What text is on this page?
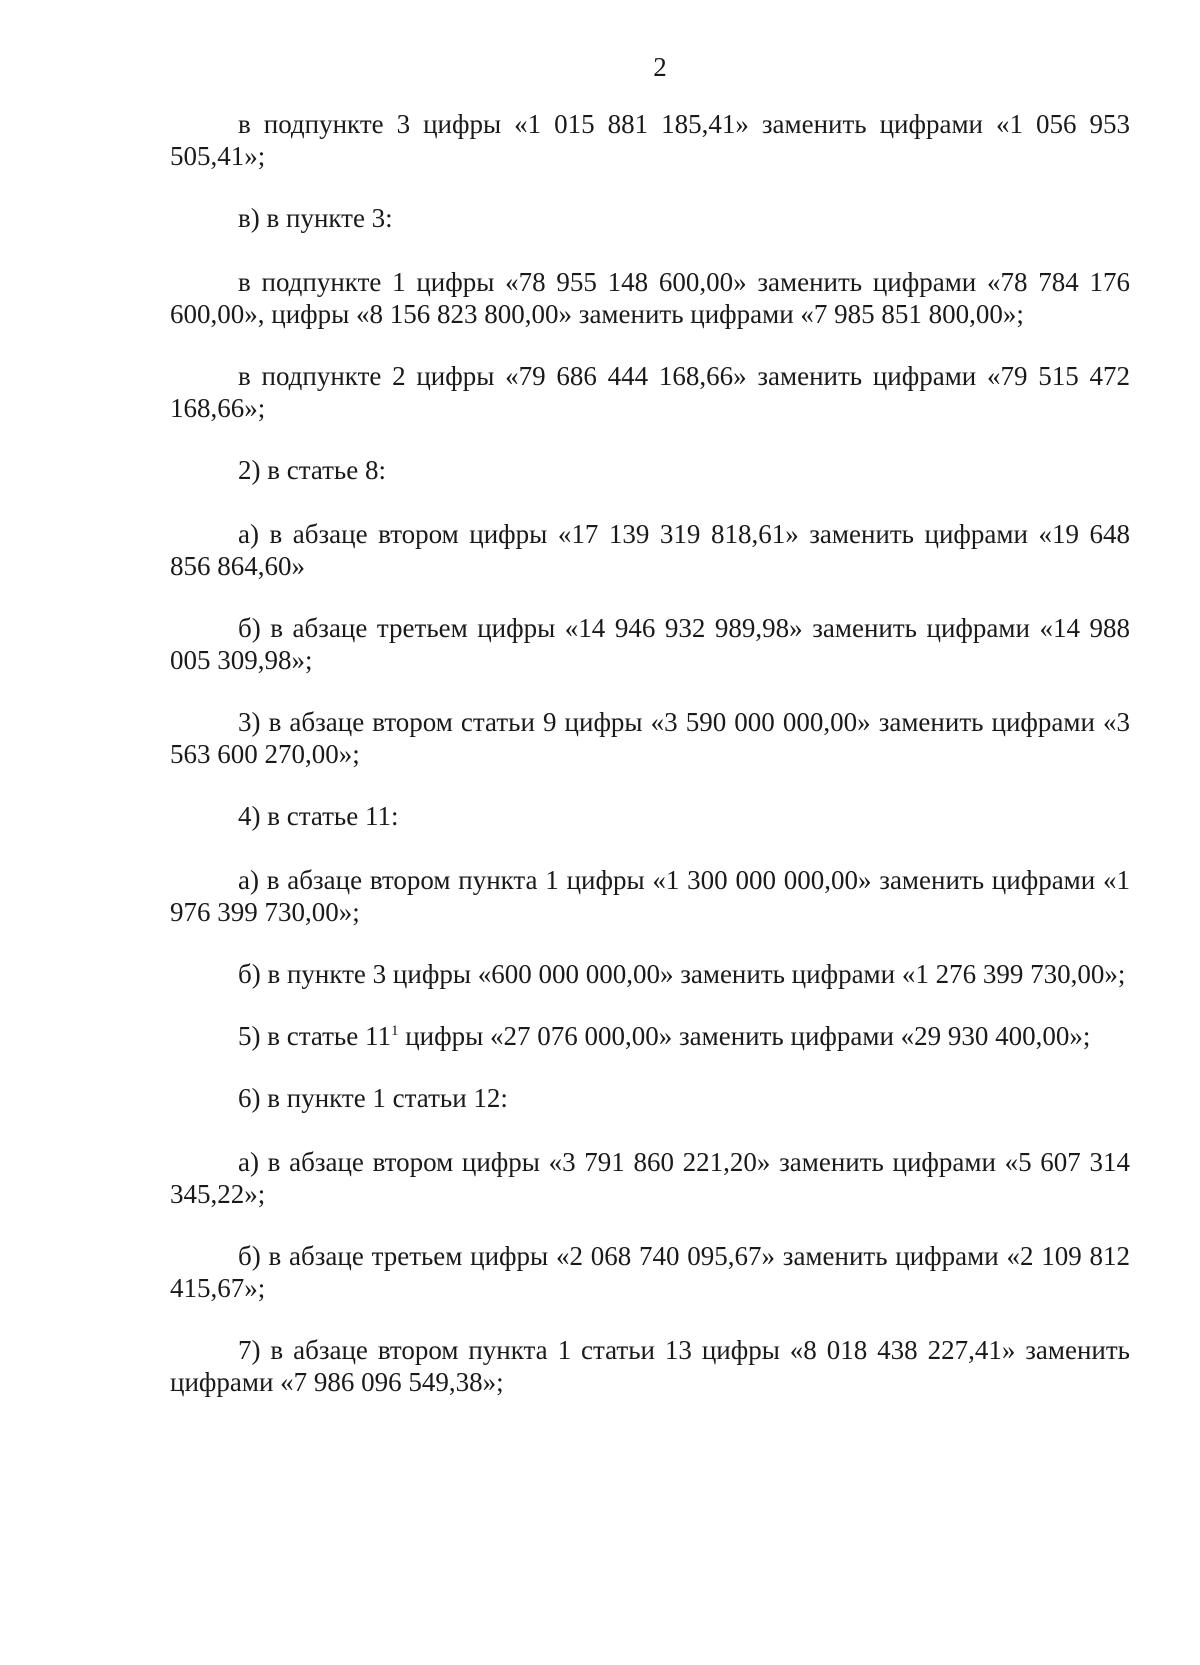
2

в подпункте 3 цифры «1 015 881 185,41» заменить цифрами «1 056 953 505,41»;

в) в пункте 3:

в подпункте 1 цифры «78 955 148 600,00» заменить цифрами «78 784 176 600,00», цифры «8 156 823 800,00» заменить цифрами «7 985 851 800,00»;

в подпункте 2 цифры «79 686 444 168,66» заменить цифрами «79 515 472 168,66»;

2) в статье 8:

а) в абзаце втором цифры «17 139 319 818,61» заменить цифрами «19 648 856 864,60»

б) в абзаце третьем цифры «14 946 932 989,98» заменить цифрами «14 988 005 309,98»;

3) в абзаце втором статьи 9 цифры «3 590 000 000,00» заменить цифрами «3 563 600 270,00»;

4) в статье 11:

а) в абзаце втором пункта 1 цифры «1 300 000 000,00» заменить цифрами «1 976 399 730,00»;

б) в пункте 3 цифры «600 000 000,00» заменить цифрами «1 276 399 730,00»;

5) в статье $11^1$ цифры «27 076 000,00» заменить цифрами «29 930 400,00»;

6) в пункте 1 статьи 12:

а) в абзаце втором цифры «3 791 860 221,20» заменить цифрами «5 607 314 345,22»;

б) в абзаце третьем цифры «2 068 740 095,67» заменить цифрами «2 109 812 415,67»;

7) в абзаце втором пункта 1 статьи 13 цифры «8 018 438 227,41» заменить цифрами «7 986 096 549,38»;
